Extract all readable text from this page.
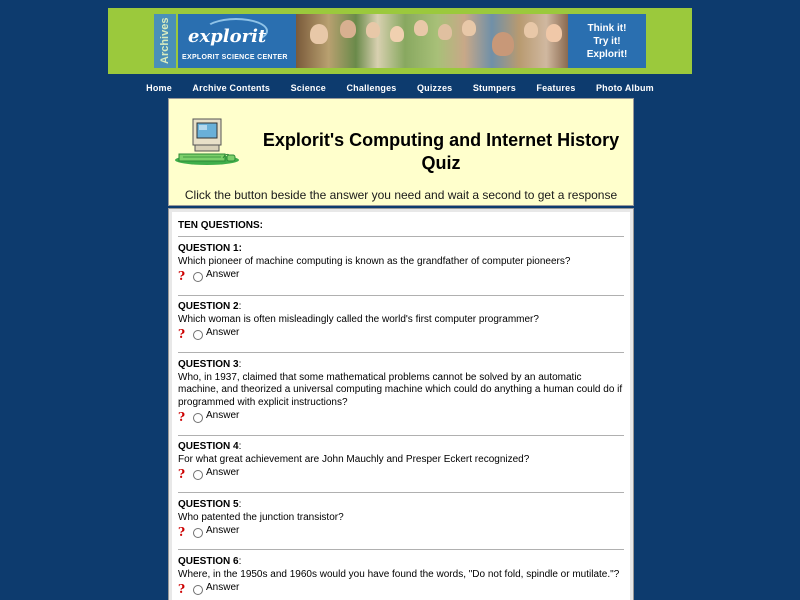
Archives explorit
EXPLORIT SCIENCE CENTER
Think it!
Try it!
Explorit!
Home Archive Contents Science Challenges Quizzes Stumpers Features Photo Album
Explorit's Computing and Internet History
Quiz
Click the button beside the answer you need and wait a second to get a response
TEN QUESTIONS:
QUESTION 1:
Which pioneer of machine computing is known as the grandfather of computer pioneers?
?	Answer
QUESTION 2:
Which woman is often misleadingly called the world's first computer programmer?
?	Answer
QUESTION 3:
Who, in 1937, claimed that some mathematical problems cannot be solved by an automatic machine, and theorized a universal computing machine which could do anything a human could do if programmed with explicit instructions?
?	Answer
QUESTION 4:
For what great achievement are John Mauchly and Presper Eckert recognized?
?	Answer
QUESTION 5:
Who patented the junction transistor?
?	Answer
QUESTION 6:
Where, in the 1950s and 1960s would you have found the words, "Do not fold, spindle or mutilate."?
?	Answer
